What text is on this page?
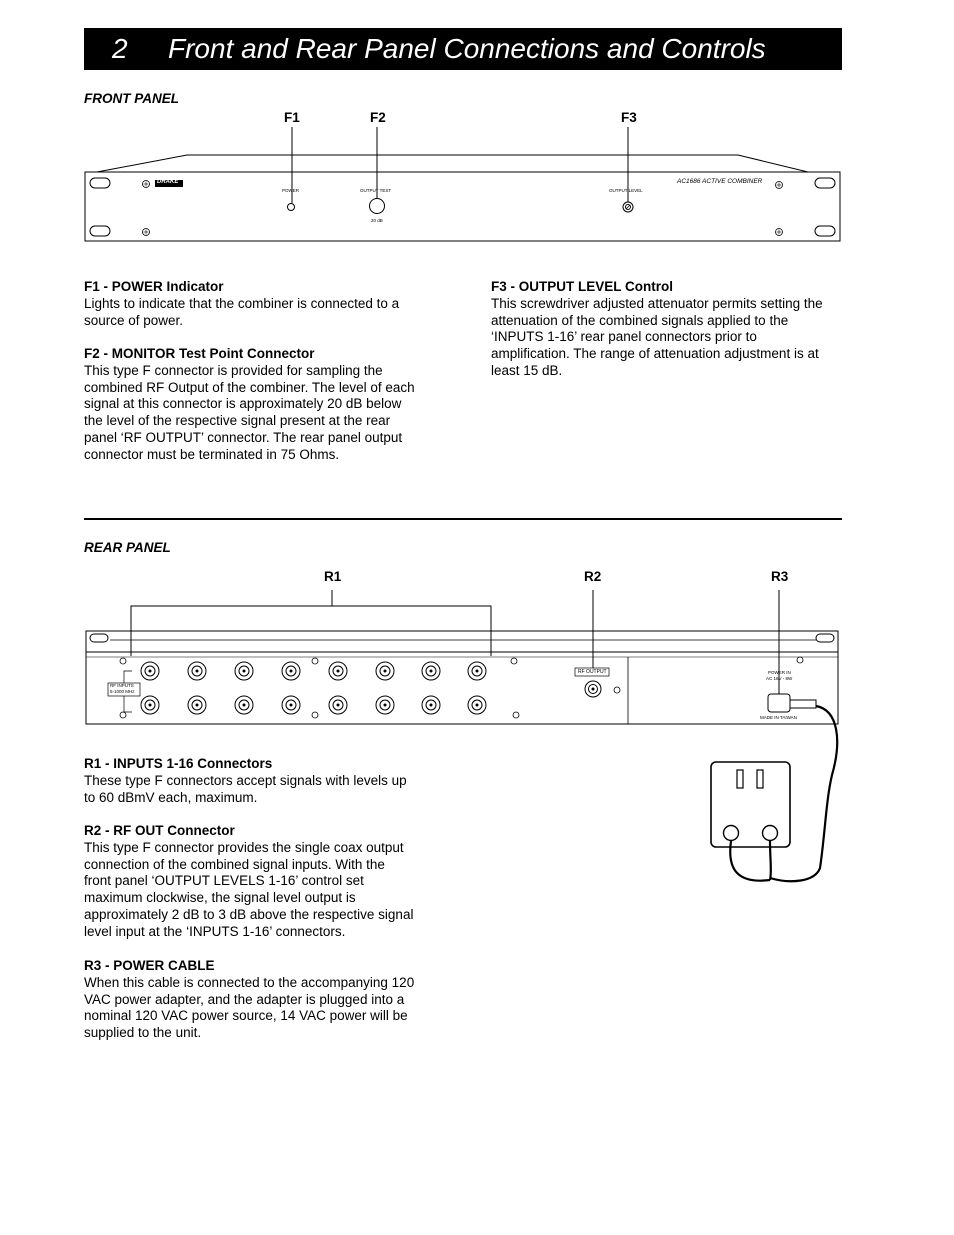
2 Front and Rear Panel Connections and Controls
FRONT PANEL
F1	F2	F3
DRAKE	AC1686 ACTIVE COMBINER
POWER	OUTPUT TEST
20 dB
OUTPUT LEVEL
F1 - POWER Indicator
Lights to indicate that the combiner is connected to a
source of power.
F2 - MONITOR Test Point Connector
This type F connector is provided for sampling the
combined RF Output of the combiner. The level of each
signal at this connector is approximately 20 dB below
the level of the respective signal present at the rear
panel ‘RF OUTPUT’ connector. The rear panel output
connector must be terminated in 75 Ohms.
F3 - OUTPUT LEVEL Control
This screwdriver adjusted attenuator permits setting the
attenuation of the combined signals applied to the
‘INPUTS 1-16’ rear panel connectors prior to
amplification. The range of attenuation adjustment is at
least 15 dB.
REAR PANEL
R1	R2	R3
RF INPUTS
5-1000 MHz
RF OUTPUT	POWER IN
AC 16V - 8W
MADE IN TAIWAN
R1 - INPUTS 1-16 Connectors
These type F connectors accept signals with levels up
to 60 dBmV each, maximum.
R2 - RF OUT Connector
This type F connector provides the single coax output
connection of the combined signal inputs. With the
front panel ‘OUTPUT LEVELS 1-16’ control set
maximum clockwise, the signal level output is
approximately 2 dB to 3 dB above the respective signal
level input at the ‘INPUTS 1-16’ connectors.
R3 - POWER CABLE
When this cable is connected to the accompanying 120
VAC power adapter, and the adapter is plugged into a
nominal 120 VAC power source, 14 VAC power will be
supplied to the unit.
